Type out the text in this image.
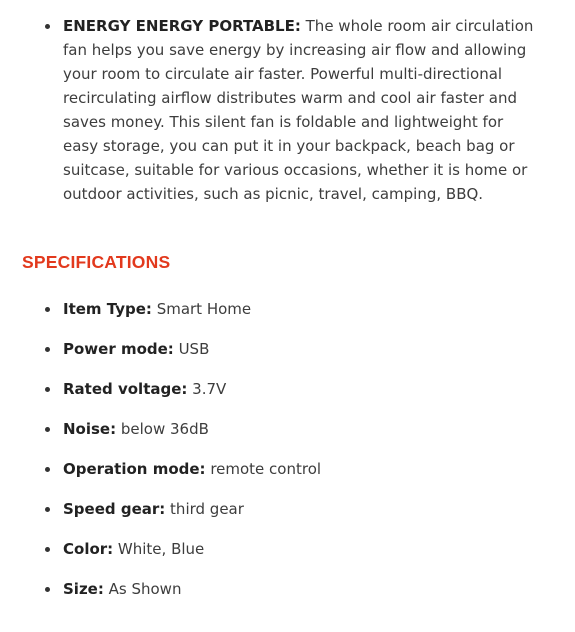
ENERGY ENERGY PORTABLE: The whole room air circulation fan helps you save energy by increasing air flow and allowing your room to circulate air faster. Powerful multi-directional recirculating airflow distributes warm and cool air faster and saves money. This silent fan is foldable and lightweight for easy storage, you can put it in your backpack, beach bag or suitcase, suitable for various occasions, whether it is home or outdoor activities, such as picnic, travel, camping, BBQ.
SPECIFICATIONS
Item Type: Smart Home
Power mode: USB
Rated voltage: 3.7V
Noise: below 36dB
Operation mode: remote control
Speed gear: third gear
Color: White, Blue
Size: As Shown
